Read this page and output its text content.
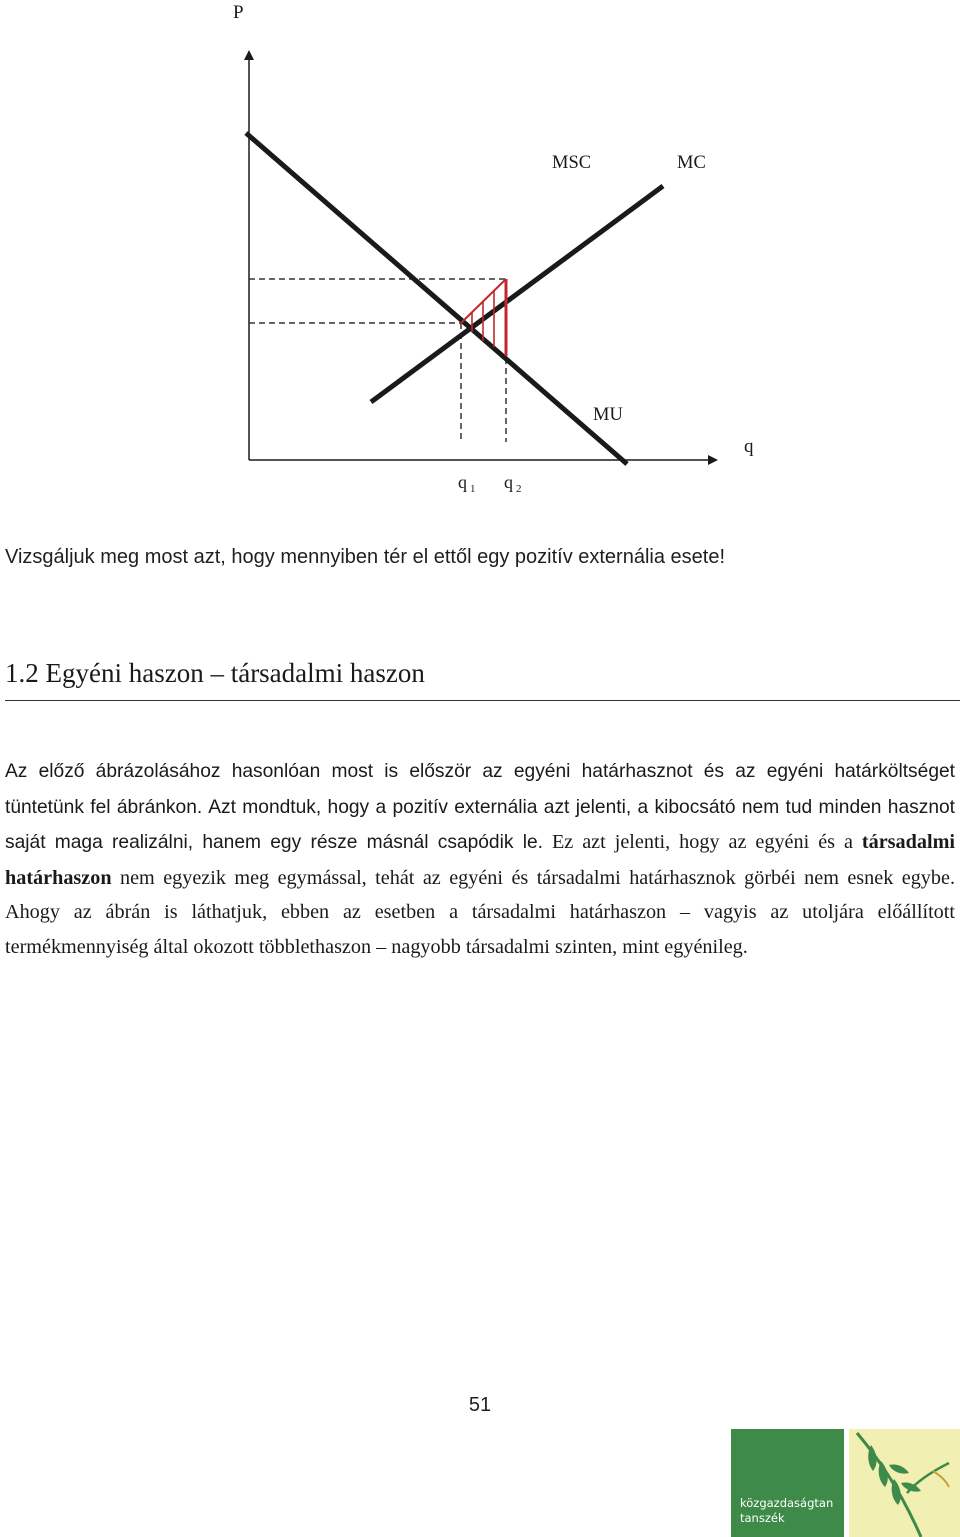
P
q
MSC	MC
MU
q $_1$ q $_2$

Vizsgáljuk meg most azt, hogy mennyiben tér el ettől egy pozitív externália esete!

1.2 Egyéni haszon – társadalmi haszon

Az előző ábrázolásához hasonlóan most is először az egyéni határhasznot és az egyéni határköltséget tüntetünk fel ábránkon. Azt mondtuk, hogy a pozitív externália azt jelenti, a kibocsátó nem tud minden hasznot saját maga realizálni, hanem egy része másnál csapódik le. Ez azt jelenti, hogy az egyéni és a társadalmi határhaszon nem egyezik meg egymással, tehát az egyéni és társadalmi határhasznok görbéi nem esnek egybe. Ahogy az ábrán is láthatjuk, ebben az esetben a társadalmi határhaszon – vagyis az utoljára előállított termékmennyiség által okozott többlethaszon – nagyobb társadalmi szinten, mint egyénileg.

51
közgazdaságtan
tanszék
